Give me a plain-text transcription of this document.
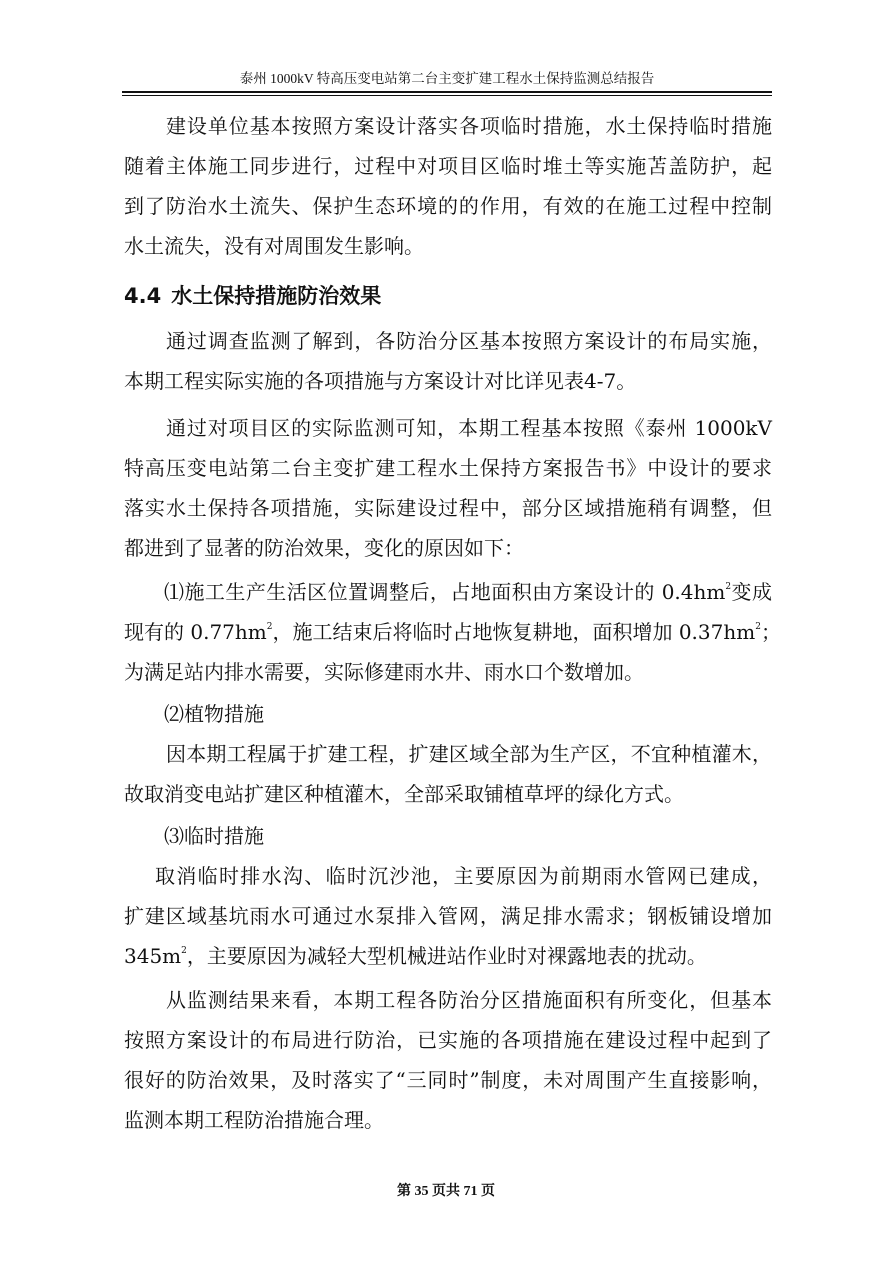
泰州 1000kV 特高压变电站第二台主变扩建工程水土保持监测总结报告
建设单位基本按照方案设计落实各项临时措施，水土保持临时措施
随着主体施工同步进行，过程中对项目区临时堆土等实施苫盖防护，起
到了防治水土流失、保护生态环境的的作用，有效的在施工过程中控制
水土流失，没有对周围发生影响。
4.4 水土保持措施防治效果
通过调查监测了解到，各防治分区基本按照方案设计的布局实施，
本期工程实际实施的各项措施与方案设计对比详见表4-7。
通过对项目区的实际监测可知，本期工程基本按照《泰州 1000kV
特高压变电站第二台主变扩建工程水土保持方案报告书》中设计的要求
落实水土保持各项措施，实际建设过程中，部分区域措施稍有调整，但
都进到了显著的防治效果，变化的原因如下：
⑴施工生产生活区位置调整后，占地面积由方案设计的 $0.4hm^2$变成
现有的 $0.77hm^2$，施工结束后将临时占地恢复耕地，面积增加 $0.37hm^2$；
为满足站内排水需要，实际修建雨水井、雨水口个数增加。
⑵植物措施
因本期工程属于扩建工程，扩建区域全部为生产区，不宜种植灌木，
故取消变电站扩建区种植灌木，全部采取铺植草坪的绿化方式。
⑶临时措施
取消临时排水沟、临时沉沙池，主要原因为前期雨水管网已建成，
扩建区域基坑雨水可通过水泵排入管网，满足排水需求；钢板铺设增加
$345m^2$，主要原因为减轻大型机械进站作业时对裸露地表的扰动。
从监测结果来看，本期工程各防治分区措施面积有所变化，但基本
按照方案设计的布局进行防治，已实施的各项措施在建设过程中起到了
很好的防治效果，及时落实了“三同时”制度，未对周围产生直接影响，
监测本期工程防治措施合理。
第 35 页共 71 页
